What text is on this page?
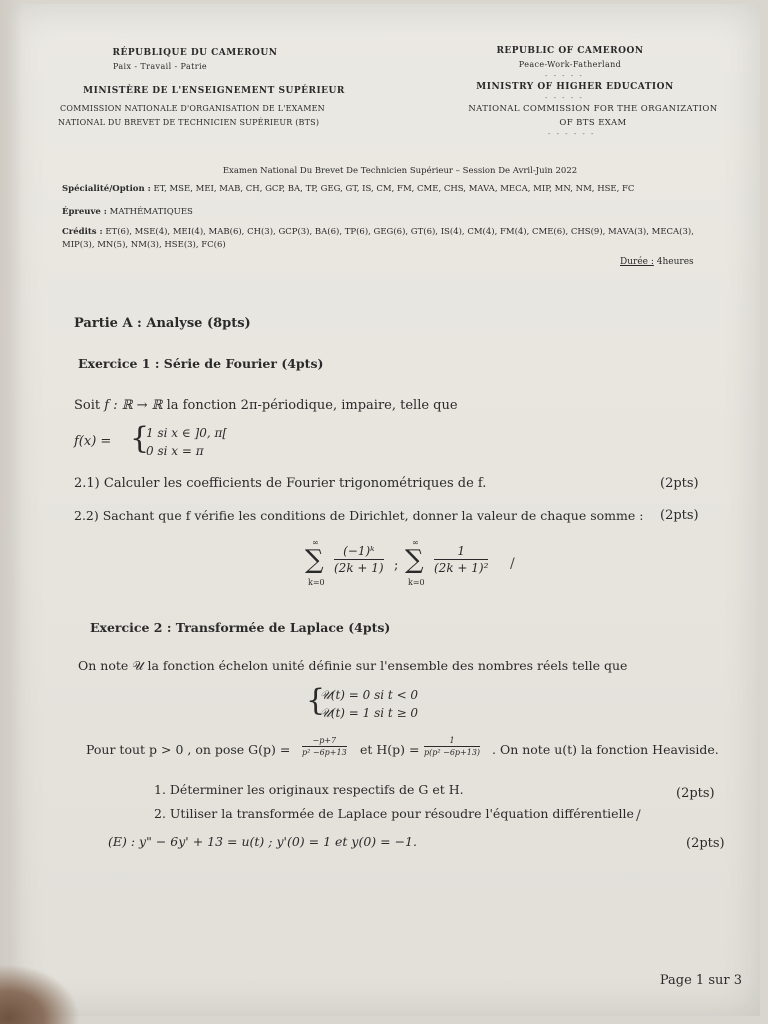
RÉPUBLIQUE DU CAMEROUN
Paix - Travail - Patrie
MINISTÈRE DE L'ENSEIGNEMENT SUPÉRIEUR
COMMISSION NATIONALE D'ORGANISATION DE L'EXAMEN
NATIONAL DU BREVET DE TECHNICIEN SUPÉRIEUR (BTS)
REPUBLIC OF CAMEROON
Peace-Work-Fatherland
- - - - -
MINISTRY OF HIGHER EDUCATION
- - - - -
NATIONAL COMMISSION FOR THE ORGANIZATION
OF BTS EXAM
- - - - - -
Examen National Du Brevet De Technicien Supérieur – Session De Avril-Juin 2022
Spécialité/Option : ET, MSE, MEI, MAB, CH, GCP, BA, TP, GEG, GT, IS, CM, FM, CME, CHS, MAVA, MECA, MIP, MN, NM, HSE, FC
Épreuve : MATHÉMATIQUES
Crédits : ET(6), MSE(4), MEI(4), MAB(6), CH(3), GCP(3), BA(6), TP(6), GEG(6), GT(6), IS(4), CM(4), FM(4), CME(6), CHS(9), MAVA(3), MECA(3), MIP(3), MN(5), NM(3), HSE(3), FC(6)
Durée : 4heures
Partie A : Analyse (8pts)
Exercice 1 : Série de Fourier (4pts)
Soit f : ℝ → ℝ la fonction 2π-périodique, impaire, telle que
f(x) = {
1 si x ∈ ]0, π[
0 si x = π
2.1) Calculer les coefficients de Fourier trigonométriques de f.	(2pts)
2.2) Sachant que f vérifie les conditions de Dirichlet, donner la valeur de chaque somme : (2pts)
∞
∑
k=0
$\frac{\text{(−1)ᵏ}}{(2k + 1)}$ ;
∞
∑
k=0
$\frac{1}{\text{(2k + 1)²}}$ /
Exercice 2 : Transformée de Laplace (4pts)
On note 𝒰 la fonction échelon unité définie sur l'ensemble des nombres réels telle que
{
𝒰(t) = 0 si t < 0
𝒰(t) = 1 si t ≥ 0
Pour tout p > 0 , on pose $G(p) = \frac{-p+7}{\text{p² −6p+13}}$ et $H(p) = \frac{1}{\text{p(p² −6p+13)}}$ . On note u(t) la fonction Heaviside.
1. Déterminer les originaux respectifs de G et H.	(2pts)
2. Utiliser la transformée de Laplace pour résoudre l'équation différentielle /
(E) : y" − 6y' + 13 = u(t) ; y'(0) = 1 et y(0) = −1.	(2pts)
Page 1 sur 3
